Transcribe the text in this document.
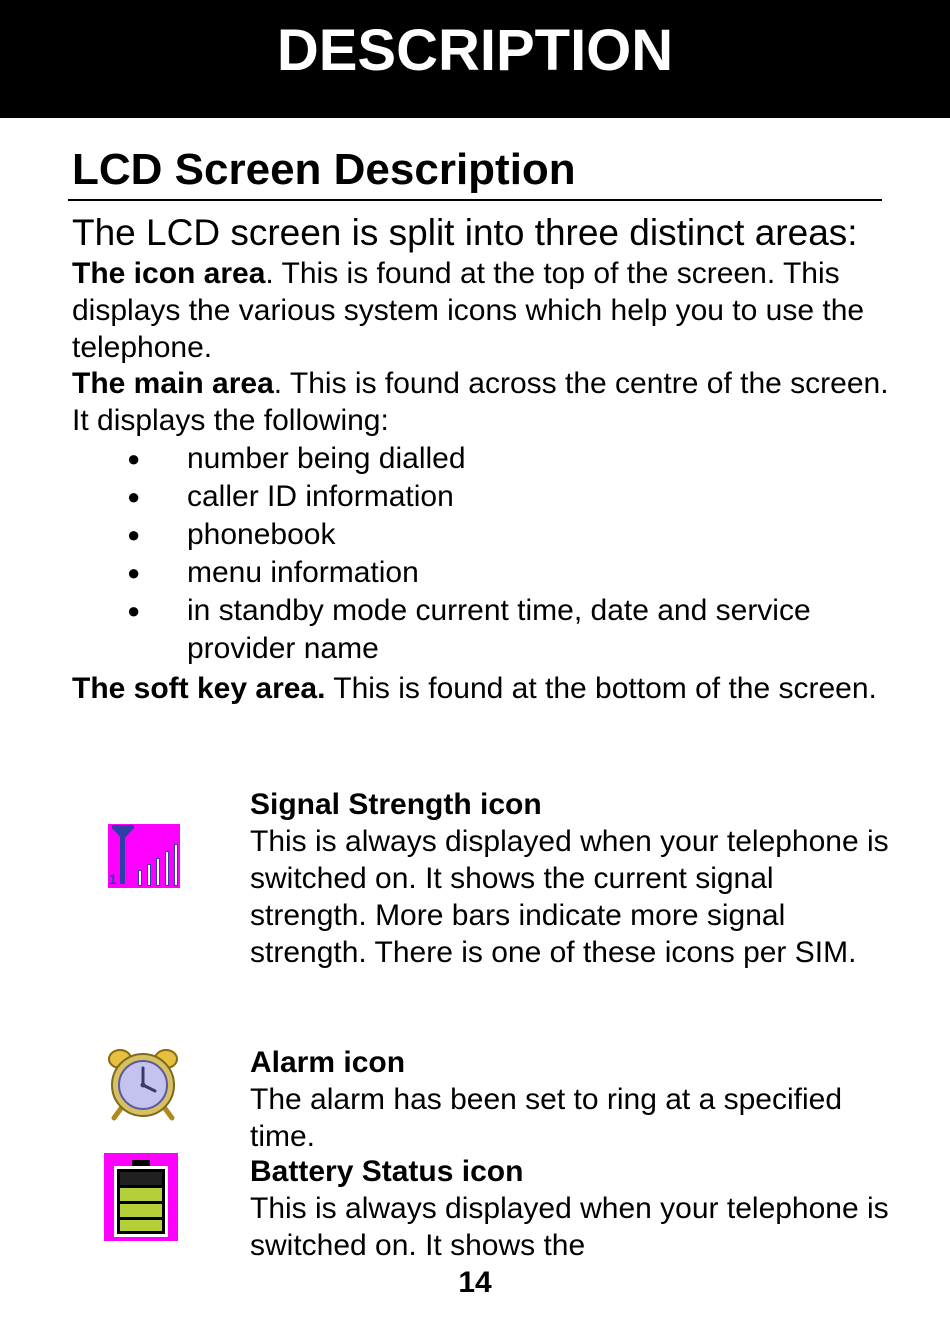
DESCRIPTION
LCD Screen Description
The LCD screen is split into three distinct areas:
The icon area. This is found at the top of the screen. This displays the various system icons which help you to use the telephone.
The main area. This is found across the centre of the screen. It displays the following:
● number being dialled
● caller ID information
● phonebook
● menu information
● in standby mode current time, date and service provider name
The soft key area. This is found at the bottom of the screen.
1
Signal Strength icon
This is always displayed when your telephone is switched on. It shows the current signal strength. More bars indicate more signal strength. There is one of these icons per SIM.
Alarm icon
The alarm has been set to ring at a specified time.
Battery Status icon
This is always displayed when your telephone is switched on. It shows the
14
